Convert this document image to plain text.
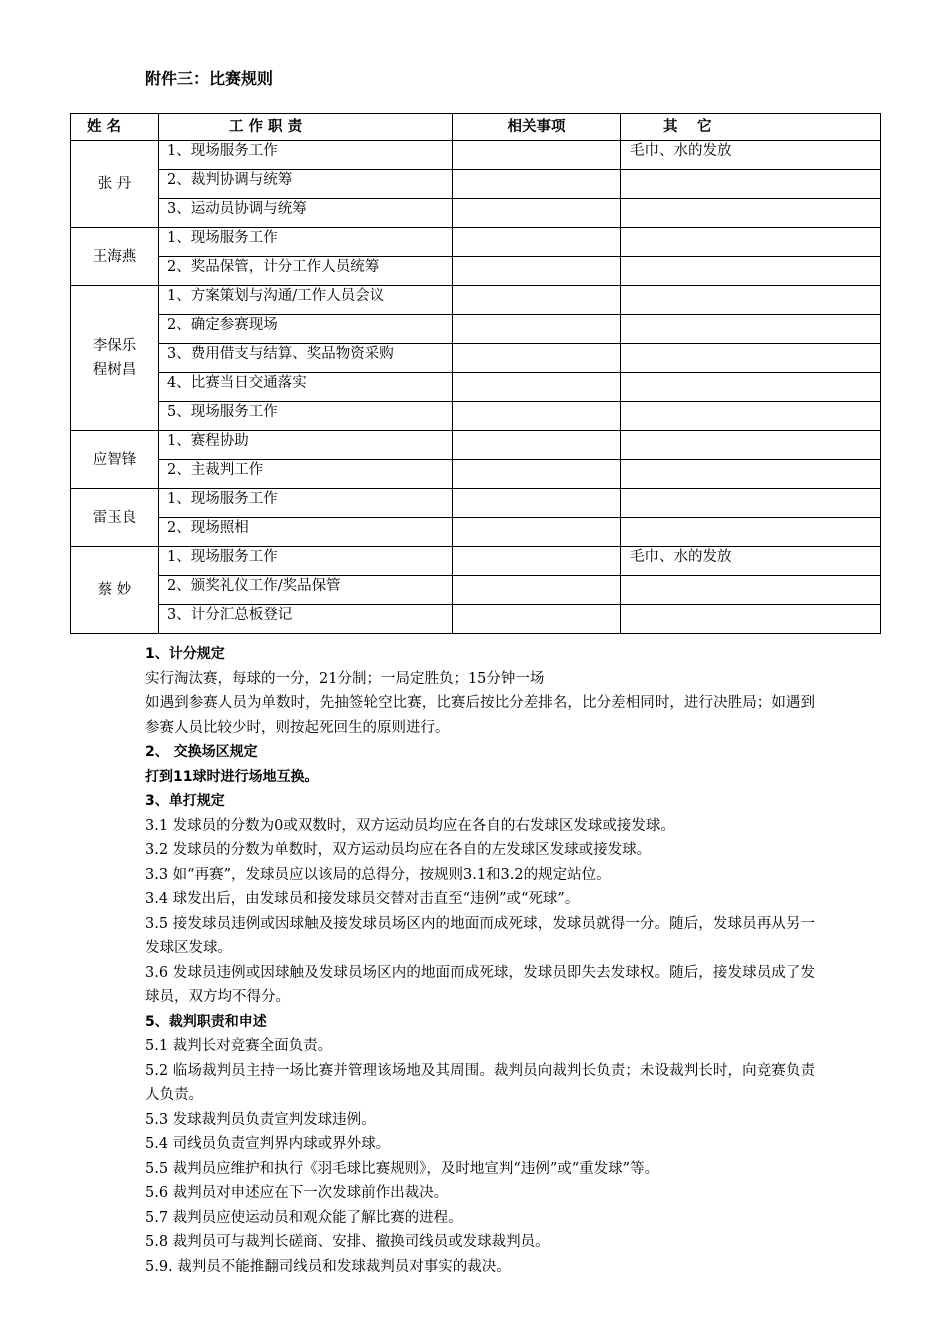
附件三：比赛规则
姓 名	工 作 职 责	相关事项	其　 它

张 丹	1、现场服务工作		毛巾、水的发放
	2、裁判协调与统筹		
	3、运动员协调与统筹		

王海燕	1、现场服务工作		
	2、奖品保管，计分工作人员统筹		

李保乐
程树昌	1、方案策划与沟通/工作人员会议		
	2、确定参赛现场		
	3、费用借支与结算、奖品物资采购		
	4、比赛当日交通落实		
	5、现场服务工作		

应智锋	1、赛程协助		
	2、主裁判工作		

雷玉良	1、现场服务工作		
	2、现场照相		

蔡 妙	1、现场服务工作		毛巾、水的发放
	2、颁奖礼仪工作/奖品保管		
	3、计分汇总板登记		

1、计分规定

实行淘汰赛，每球的一分，21分制；一局定胜负；15分钟一场

如遇到参赛人员为单数时，先抽签轮空比赛，比赛后按比分差排名，比分差相同时，进行决胜局；如遇到参赛人员比较少时，则按起死回生的原则进行。

2、 交换场区规定

打到11球时进行场地互换。

3、单打规定

3.1 发球员的分数为0或双数时，双方运动员均应在各自的右发球区发球或接发球。

3.2 发球员的分数为单数时，双方运动员均应在各自的左发球区发球或接发球。

3.3 如“再赛”，发球员应以该局的总得分，按规则3.1和3.2的规定站位。

3.4 球发出后，由发球员和接发球员交替对击直至“违例”或“死球”。

3.5 接发球员违例或因球触及接发球员场区内的地面而成死球，发球员就得一分。随后，发球员再从另一发球区发球。

3.6 发球员违例或因球触及发球员场区内的地面而成死球，发球员即失去发球权。随后，接发球员成了发球员，双方均不得分。

5、裁判职责和申述

5.1 裁判长对竞赛全面负责。

5.2 临场裁判员主持一场比赛并管理该场地及其周围。裁判员向裁判长负责；未设裁判长时，向竞赛负责人负责。

5.3 发球裁判员负责宣判发球违例。

5.4 司线员负责宣判界内球或界外球。

5.5 裁判员应维护和执行《羽毛球比赛规则》，及时地宣判“违例”或“重发球”等。

5.6 裁判员对申述应在下一次发球前作出裁决。

5.7 裁判员应使运动员和观众能了解比赛的进程。

5.8 裁判员可与裁判长磋商、安排、撤换司线员或发球裁判员。

5.9. 裁判员不能推翻司线员和发球裁判员对事实的裁决。
